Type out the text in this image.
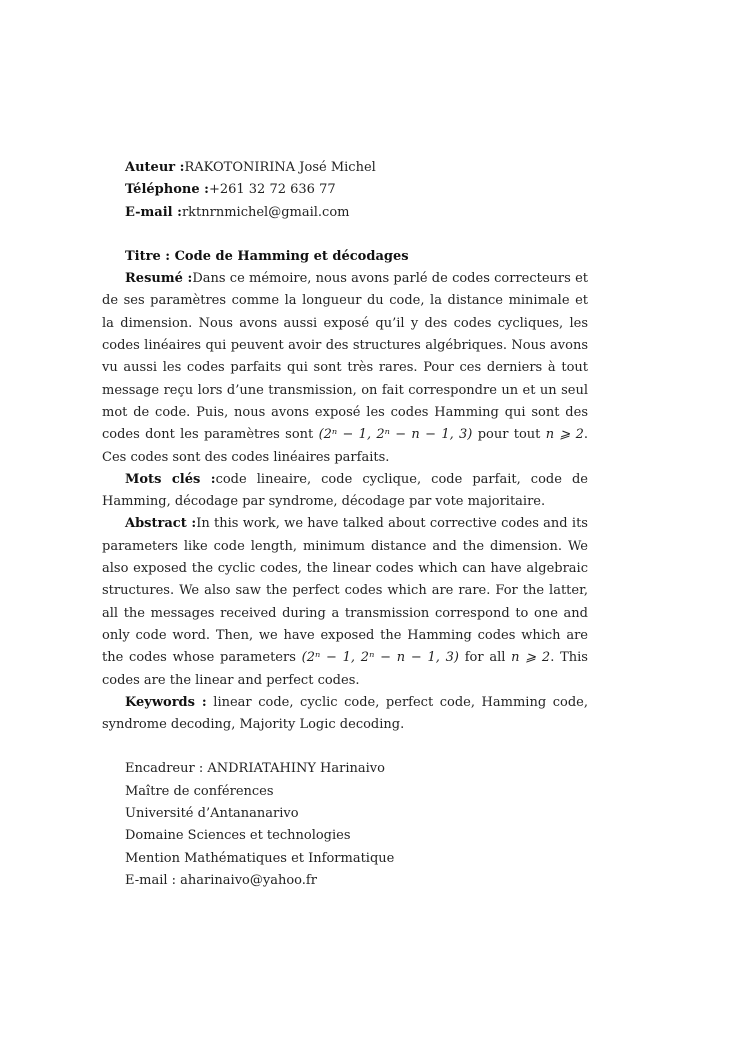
Auteur :RAKOTONIRINA José Michel
Téléphone :+261 32 72 636 77
E-mail :rktnrnmichel@gmail.com
Titre : Code de Hamming et décodages
Resumé :Dans ce mémoire, nous avons parlé de codes correcteurs et de ses paramètres comme la longueur du code, la distance minimale et la dimension. Nous avons aussi exposé qu’il y des codes cycliques, les codes linéaires qui peuvent avoir des structures algébriques. Nous avons vu aussi les codes parfaits qui sont très rares. Pour ces derniers à tout message reçu lors d’une transmission, on fait correspondre un et un seul mot de code. Puis, nous avons exposé les codes Hamming qui sont des codes dont les paramètres sont (2ⁿ − 1, 2ⁿ − n − 1, 3) pour tout n ⩾ 2. Ces codes sont des codes linéaires parfaits.
Mots clés :code lineaire, code cyclique, code parfait, code de Hamming, décodage par syndrome, décodage par vote majoritaire.
Abstract :In this work, we have talked about corrective codes and its parameters like code length, minimum distance and the dimension. We also exposed the cyclic codes, the linear codes which can have algebraic structures. We also saw the perfect codes which are rare. For the latter, all the messages received during a transmission correspond to one and only code word. Then, we have exposed the Hamming codes which are the codes whose parameters (2ⁿ − 1, 2ⁿ − n − 1, 3) for all n ⩾ 2. This codes are the linear and perfect codes.
Keywords : linear code, cyclic code, perfect code, Hamming code, syndrome decoding, Majority Logic decoding.
Encadreur : ANDRIATAHINY Harinaivo
Maître de conférences
Université d’Antananarivo
Domaine Sciences et technologies
Mention Mathématiques et Informatique
E-mail : aharinaivo@yahoo.fr
